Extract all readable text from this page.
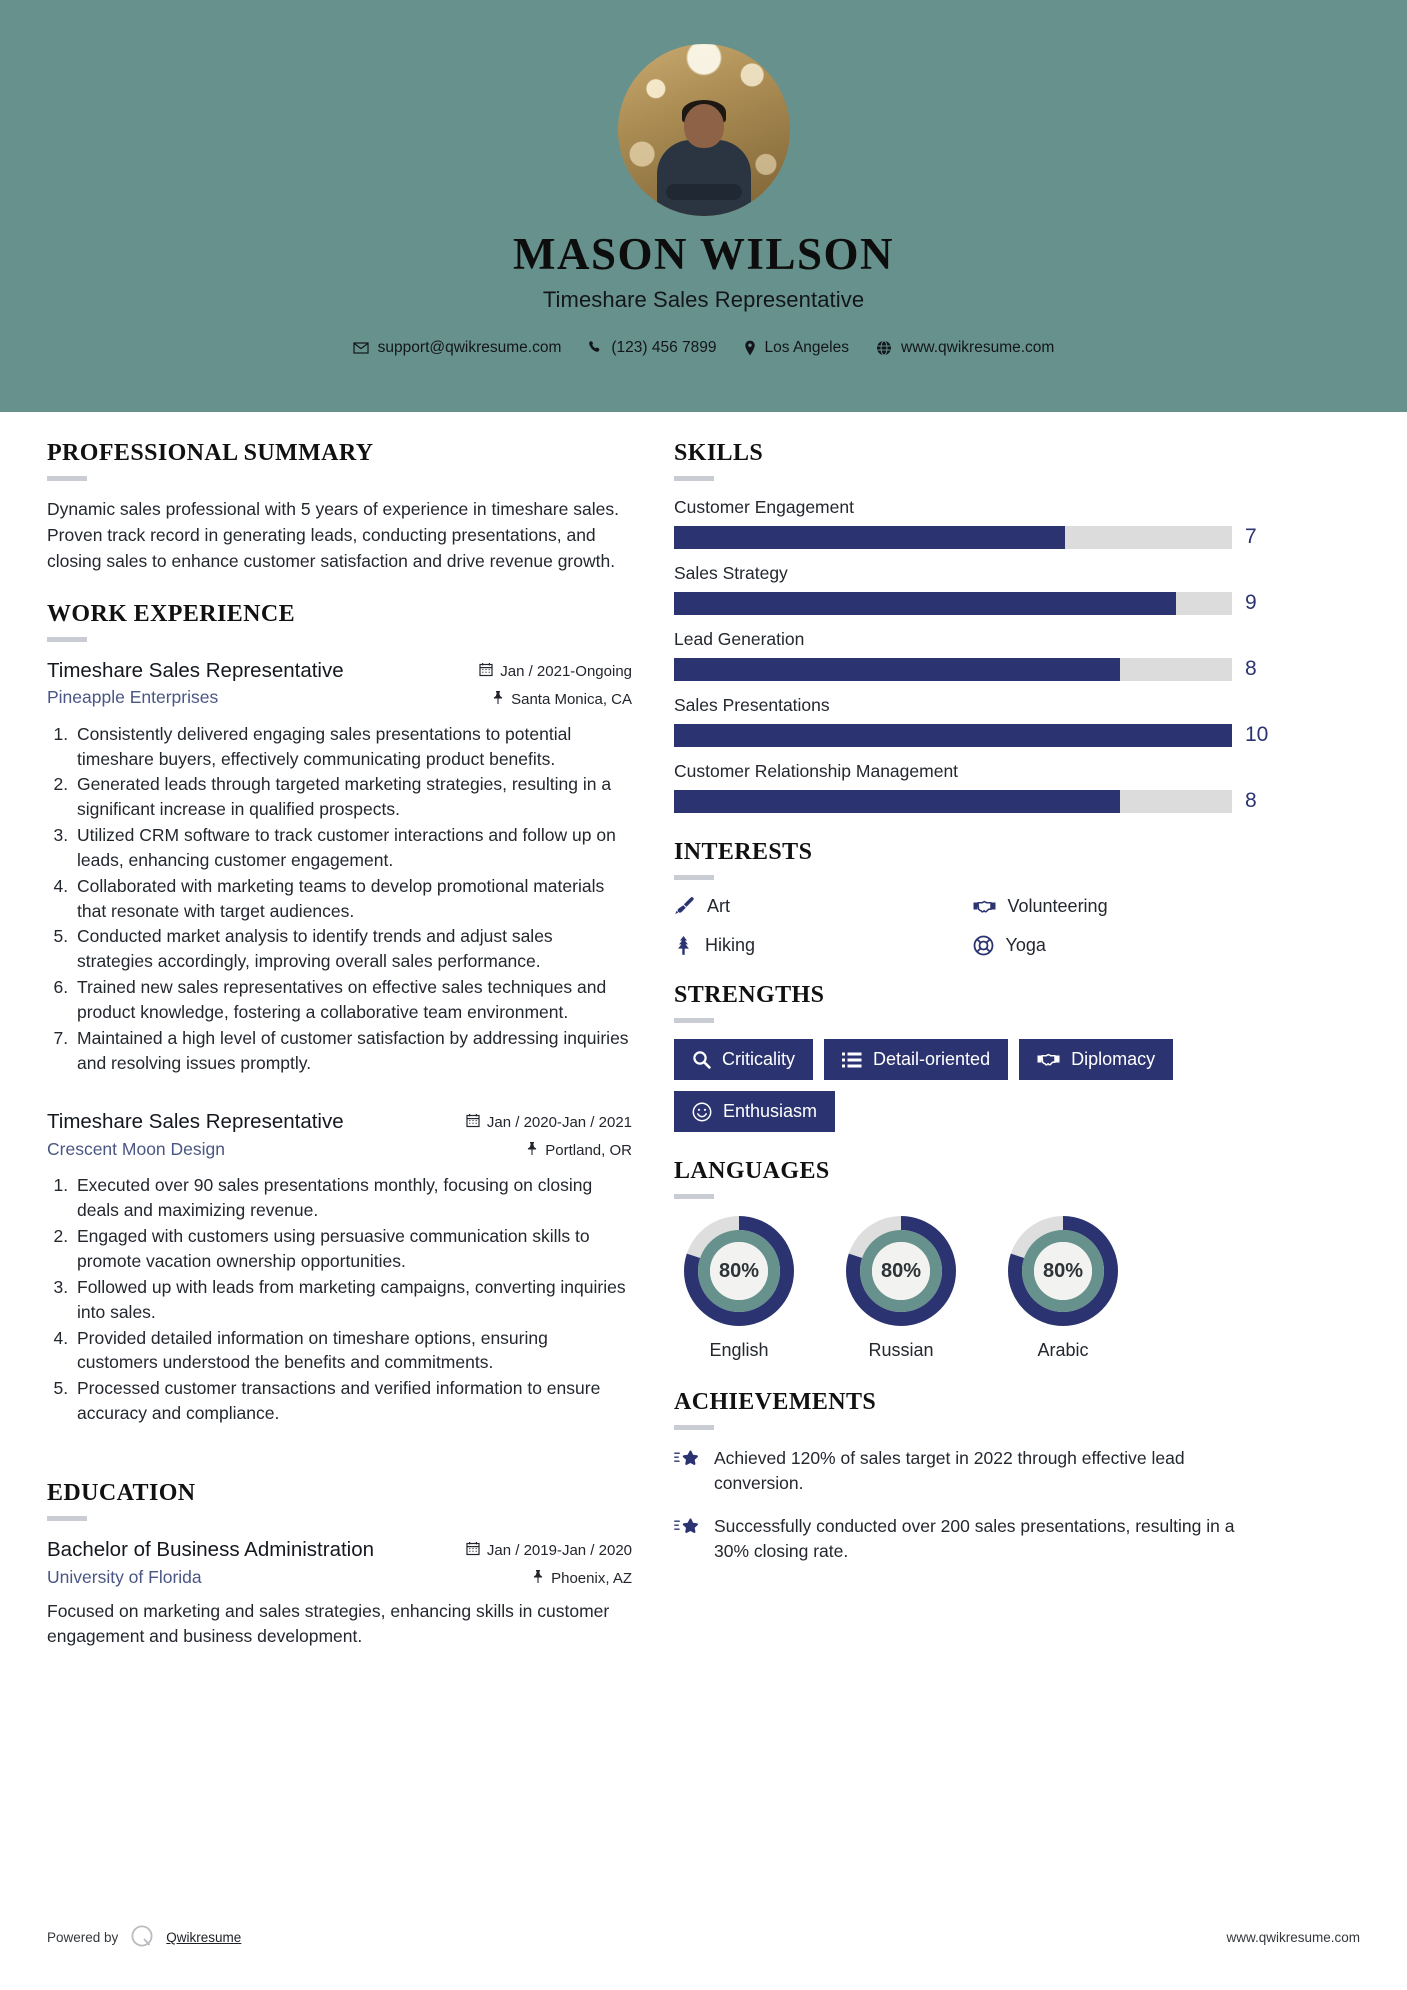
MASON WILSON
Timeshare Sales Representative
support@qwikresume.com	(123) 456 7899	Los Angeles	www.qwikresume.com
PROFESSIONAL SUMMARY
Dynamic sales professional with 5 years of experience in timeshare sales. Proven track record in generating leads, conducting presentations, and closing sales to enhance customer satisfaction and drive revenue growth.
WORK EXPERIENCE
Timeshare Sales Representative
Pineapple Enterprises
Jan / 2021-Ongoing
Santa Monica, CA
1. Consistently delivered engaging sales presentations to potential timeshare buyers, effectively communicating product benefits.
2. Generated leads through targeted marketing strategies, resulting in a significant increase in qualified prospects.
3. Utilized CRM software to track customer interactions and follow up on leads, enhancing customer engagement.
4. Collaborated with marketing teams to develop promotional materials that resonate with target audiences.
5. Conducted market analysis to identify trends and adjust sales strategies accordingly, improving overall sales performance.
6. Trained new sales representatives on effective sales techniques and product knowledge, fostering a collaborative team environment.
7. Maintained a high level of customer satisfaction by addressing inquiries and resolving issues promptly.
Timeshare Sales Representative
Crescent Moon Design
Jan / 2020-Jan / 2021
Portland, OR
1. Executed over 90 sales presentations monthly, focusing on closing deals and maximizing revenue.
2. Engaged with customers using persuasive communication skills to promote vacation ownership opportunities.
3. Followed up with leads from marketing campaigns, converting inquiries into sales.
4. Provided detailed information on timeshare options, ensuring customers understood the benefits and commitments.
5. Processed customer transactions and verified information to ensure accuracy and compliance.
EDUCATION
Bachelor of Business Administration
University of Florida
Jan / 2019-Jan / 2020
Phoenix, AZ
Focused on marketing and sales strategies, enhancing skills in customer engagement and business development.
SKILLS
Customer Engagement
7
Sales Strategy
9
Lead Generation
8
Sales Presentations
10
Customer Relationship Management
8
INTERESTS
Art	Volunteering
Hiking	Yoga
STRENGTHS
Criticality	Detail-oriented	Diplomacy
Enthusiasm
LANGUAGES
80%
English
80%
Russian
80%
Arabic
ACHIEVEMENTS
Achieved 120% of sales target in 2022 through effective lead conversion.
Successfully conducted over 200 sales presentations, resulting in a 30% closing rate.
Powered by	Qwikresume	www.qwikresume.com
